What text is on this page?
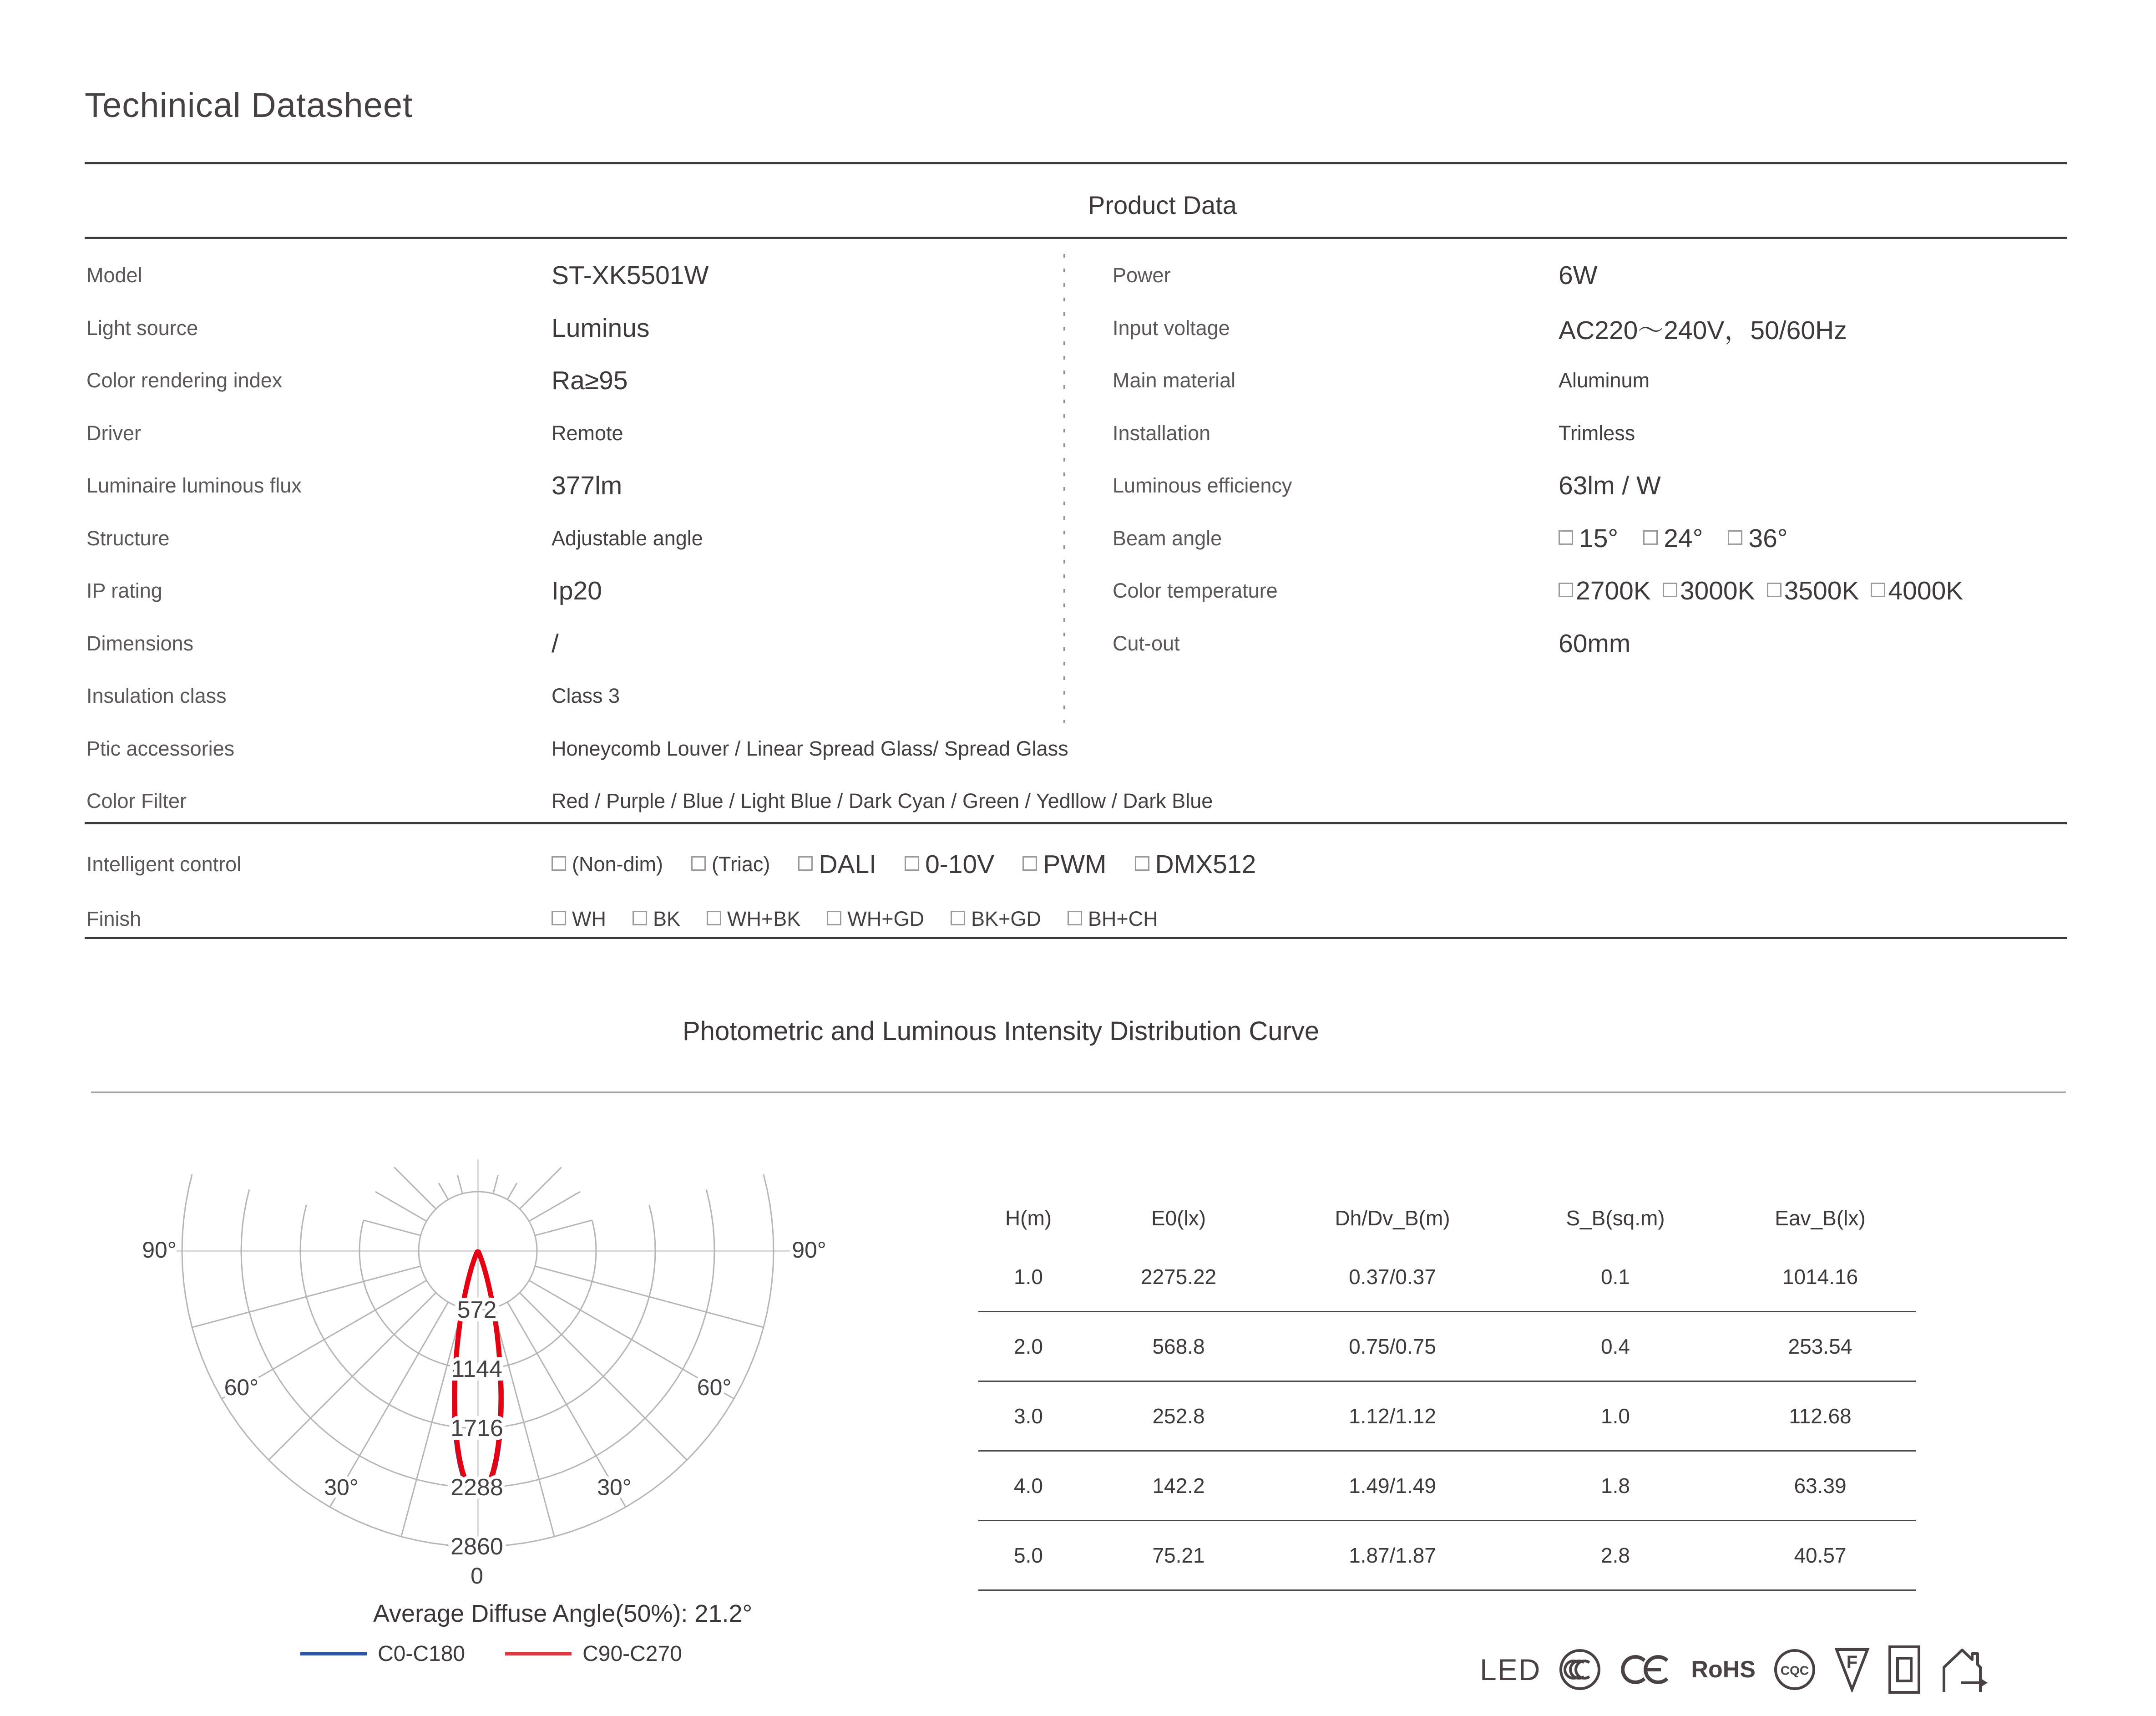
Techinical Datasheet
Product Data
Model	ST-XK5501W
Light source	Luminus
Color rendering index	Ra≥95
Driver	Remote
Luminaire luminous flux	377lm
Structure	Adjustable angle
IP rating	Ip20
Dimensions	/
Insulation class	Class 3
Ptic accessories	Honeycomb Louver / Linear Spread Glass/ Spread Glass
Color Filter	Red / Purple / Blue / Light Blue / Dark Cyan / Green / Yedllow / Dark Blue
Power	6W
Input voltage	AC220～240V，50/60Hz
Main material	Aluminum
Installation	Trimless
Luminous efficiency	63lm / W
Beam angle	15° 24° 36°
Color temperature	2700K 3000K 3500K 4000K
Cut-out	60mm
Intelligent control	(Non-dim) (Triac) DALI 0-10V PWM DMX512
Finish	WH BK WH+BK WH+GD BK+GD BH+CH
Photometric and Luminous Intensity Distribution Curve
572
1144
1716
2288
2860
0
90°	90°
60°	60°
30°	30°
Average Diffuse Angle(50%): 21.2°
C0-C180	C90-C270
H(m)	E0(lx)	Dh/Dv_B(m)	S_B(sq.m)	Eav_B(lx)
1.0	2275.22	0.37/0.37	0.1	1014.16
2.0	568.8	0.75/0.75	0.4	253.54
3.0	252.8	1.12/1.12	1.0	112.68
4.0	142.2	1.49/1.49	1.8	63.39
5.0	75.21	1.87/1.87	2.8	40.57
LED	RoHS CQC F
